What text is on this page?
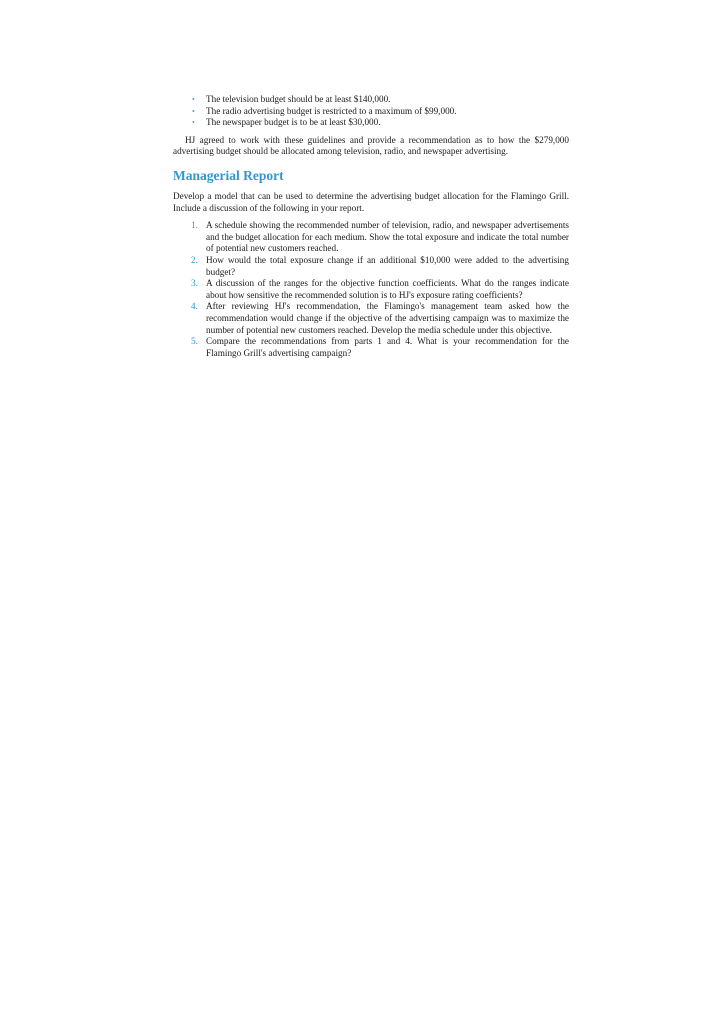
• The television budget should be at least $140,000.
• The radio advertising budget is restricted to a maximum of $99,000.
• The newspaper budget is to be at least $30,000.

HJ agreed to work with these guidelines and provide a recommendation as to how the $279,000 advertising budget should be allocated among television, radio, and newspaper advertising.

Managerial Report

Develop a model that can be used to determine the advertising budget allocation for the Flamingo Grill. Include a discussion of the following in your report.

1. A schedule showing the recommended number of television, radio, and newspaper advertisements and the budget allocation for each medium. Show the total exposure and indicate the total number of potential new customers reached.
2. How would the total exposure change if an additional $10,000 were added to the advertising budget?
3. A discussion of the ranges for the objective function coefficients. What do the ranges indicate about how sensitive the recommended solution is to HJ's exposure rating coefficients?
4. After reviewing HJ's recommendation, the Flamingo's management team asked how the recommendation would change if the objective of the advertising campaign was to maximize the number of potential new customers reached. Develop the media schedule under this objective.
5. Compare the recommendations from parts 1 and 4. What is your recommendation for the Flamingo Grill's advertising campaign?
